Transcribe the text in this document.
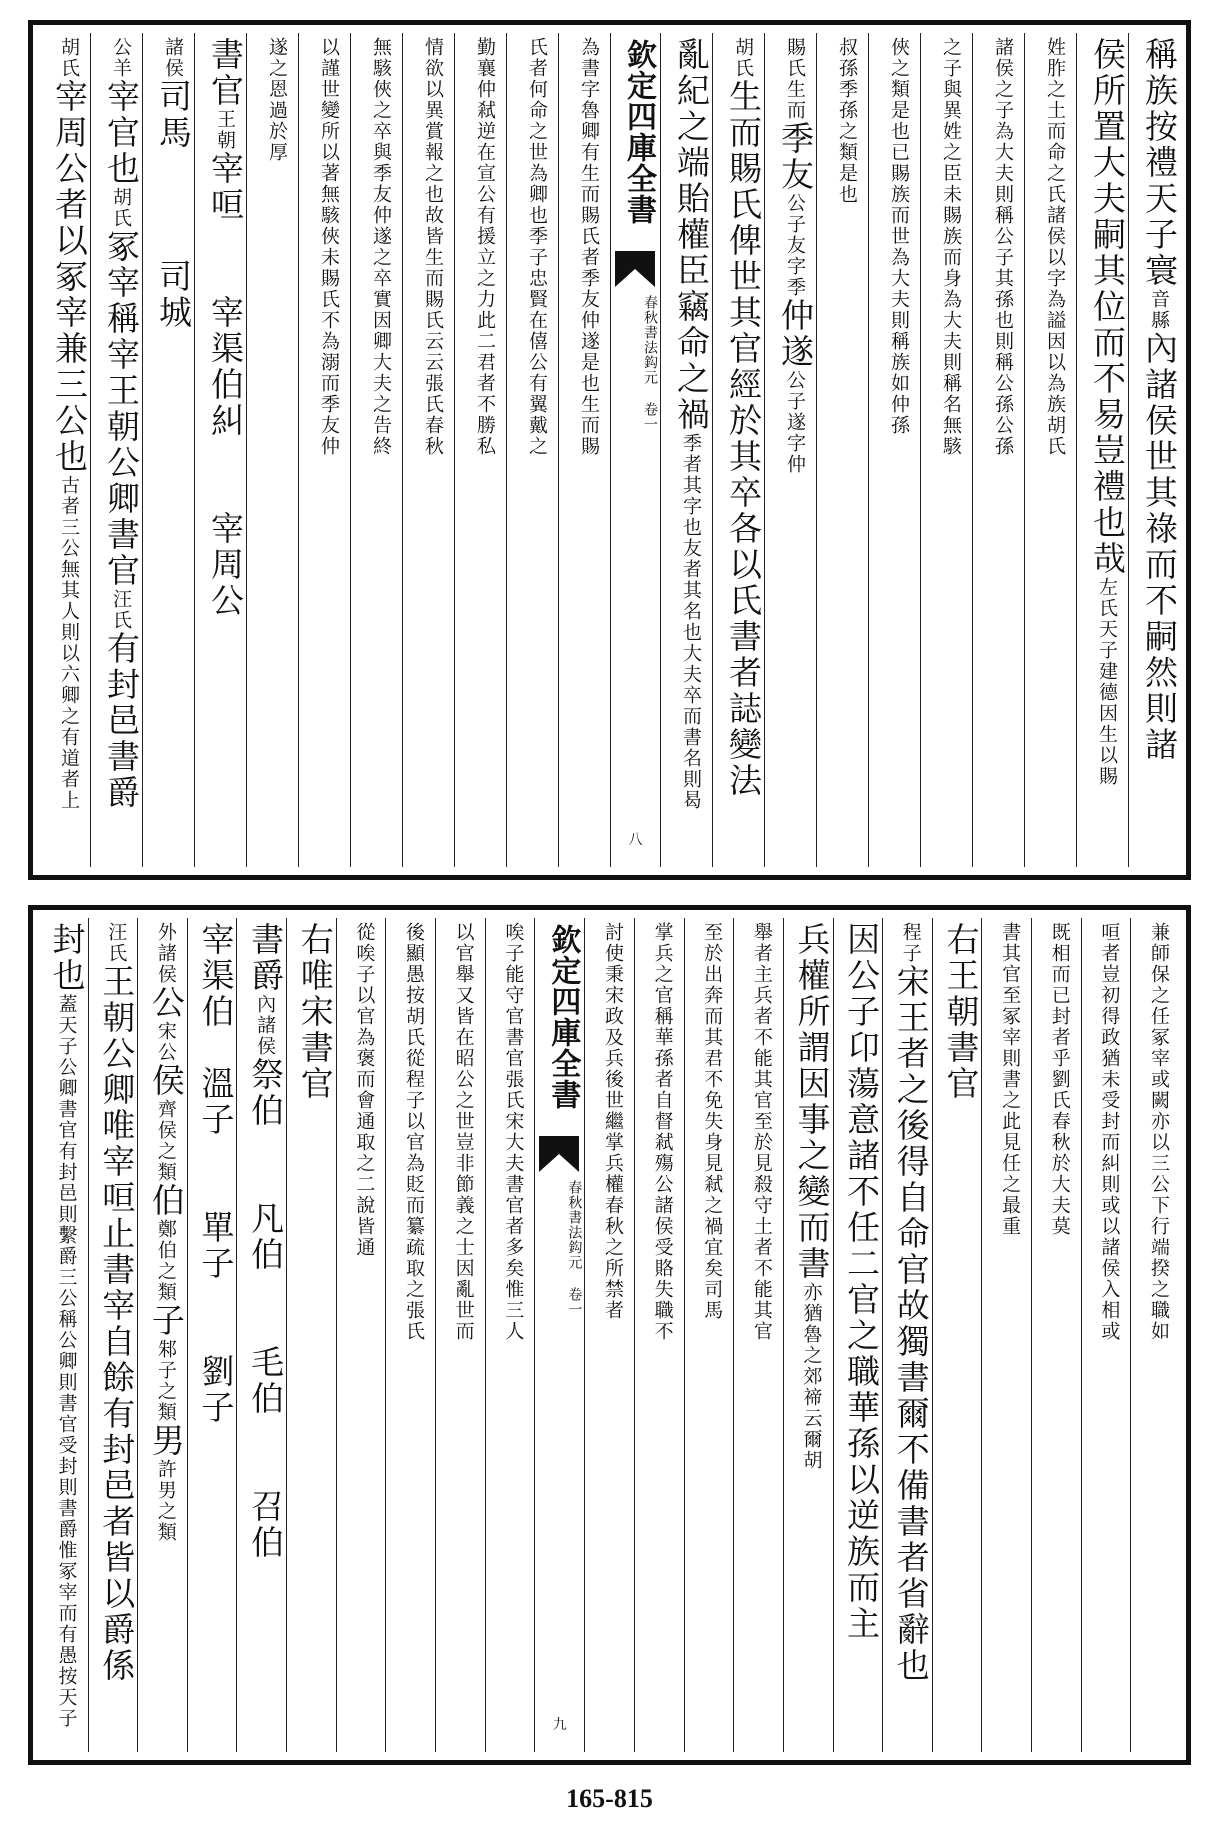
稱族按禮天子寰音縣內諸侯世其祿而不嗣然則諸
侯所置大夫嗣其位而不易豈禮也哉左氏天子建德因生以賜
姓胙之土而命之氏諸侯以字為謚因以為族胡氏
諸侯之子為大夫則稱公子其孫也則稱公孫公孫
之子與異姓之臣未賜族而身為大夫則稱名無駭
俠之類是也已賜族而世為大夫則稱族如仲孫
叔孫季孫之類是也
賜氏生而季友公子友字季仲遂公子遂字仲
胡氏生而賜氏俾世其官經於其卒各以氏書者誌變法
亂紀之端貽權臣竊命之禍季者其字也友者其名也大夫卒而書名則曷
欽定四庫全書
春秋書法鈎元 卷一
八
為書字魯卿有生而賜氏者季友仲遂是也生而賜
氏者何命之世為卿也季子忠賢在僖公有翼戴之
勤襄仲弒逆在宣公有援立之力此二君者不勝私
情欲以異賞報之也故皆生而賜氏云云張氏春秋
無駭俠之卒與季友仲遂之卒實因卿大夫之告終
以謹世變所以著無駭俠未賜氏不為溺而季友仲
遂之恩過於厚
書官王朝宰咺　　宰渠伯糾　　宰周公
諸侯司馬　　　司城
公羊宰官也胡氏冢宰稱宰王朝公卿書官汪氏有封邑書爵
胡氏宰周公者以冢宰兼三公也古者三公無其人則以六卿之有道者上
兼師保之任冢宰或闕亦以三公下行端揆之職如
咺者豈初得政猶未受封而糾則或以諸侯入相或
既相而已封者乎劉氏春秋於大夫莫
書其官至冢宰則書之此見任之最重
右王朝書官
程子宋王者之後得自命官故獨書爾不備書者省辭也
因公子卬蕩意諸不任二官之職華孫以逆族而主
兵權所謂因事之變而書亦猶魯之郊禘云爾胡
舉者主兵者不能其官至於見殺守土者不能其官
至於出奔而其君不免失身見弒之禍宜矣司馬
掌兵之官稱華孫者自督弒殤公諸侯受賂失職不
討使秉宋政及兵後世繼掌兵權春秋之所禁者
欽定四庫全書
春秋書法鈎元 卷一
九
唉子能守官書官張氏宋大夫書官者多矣惟三人
以官舉又皆在昭公之世豈非節義之士因亂世而
後顯愚按胡氏從程子以官為貶而纂疏取之張氏
從唉子以官為褒而會通取之二說皆通
右唯宋書官
書爵內諸侯祭伯　　凡伯　　毛伯　　召伯
宰渠伯　溫子　　單子　　劉子
外諸侯公宋公侯齊侯之類伯鄭伯之類子邾子之類男許男之類
汪氏王朝公卿唯宰咺止書宰自餘有封邑者皆以爵係
封也蓋天子公卿書官有封邑則繫爵三公稱公卿則書官受封則書爵惟冢宰而有愚按天子
165-815
